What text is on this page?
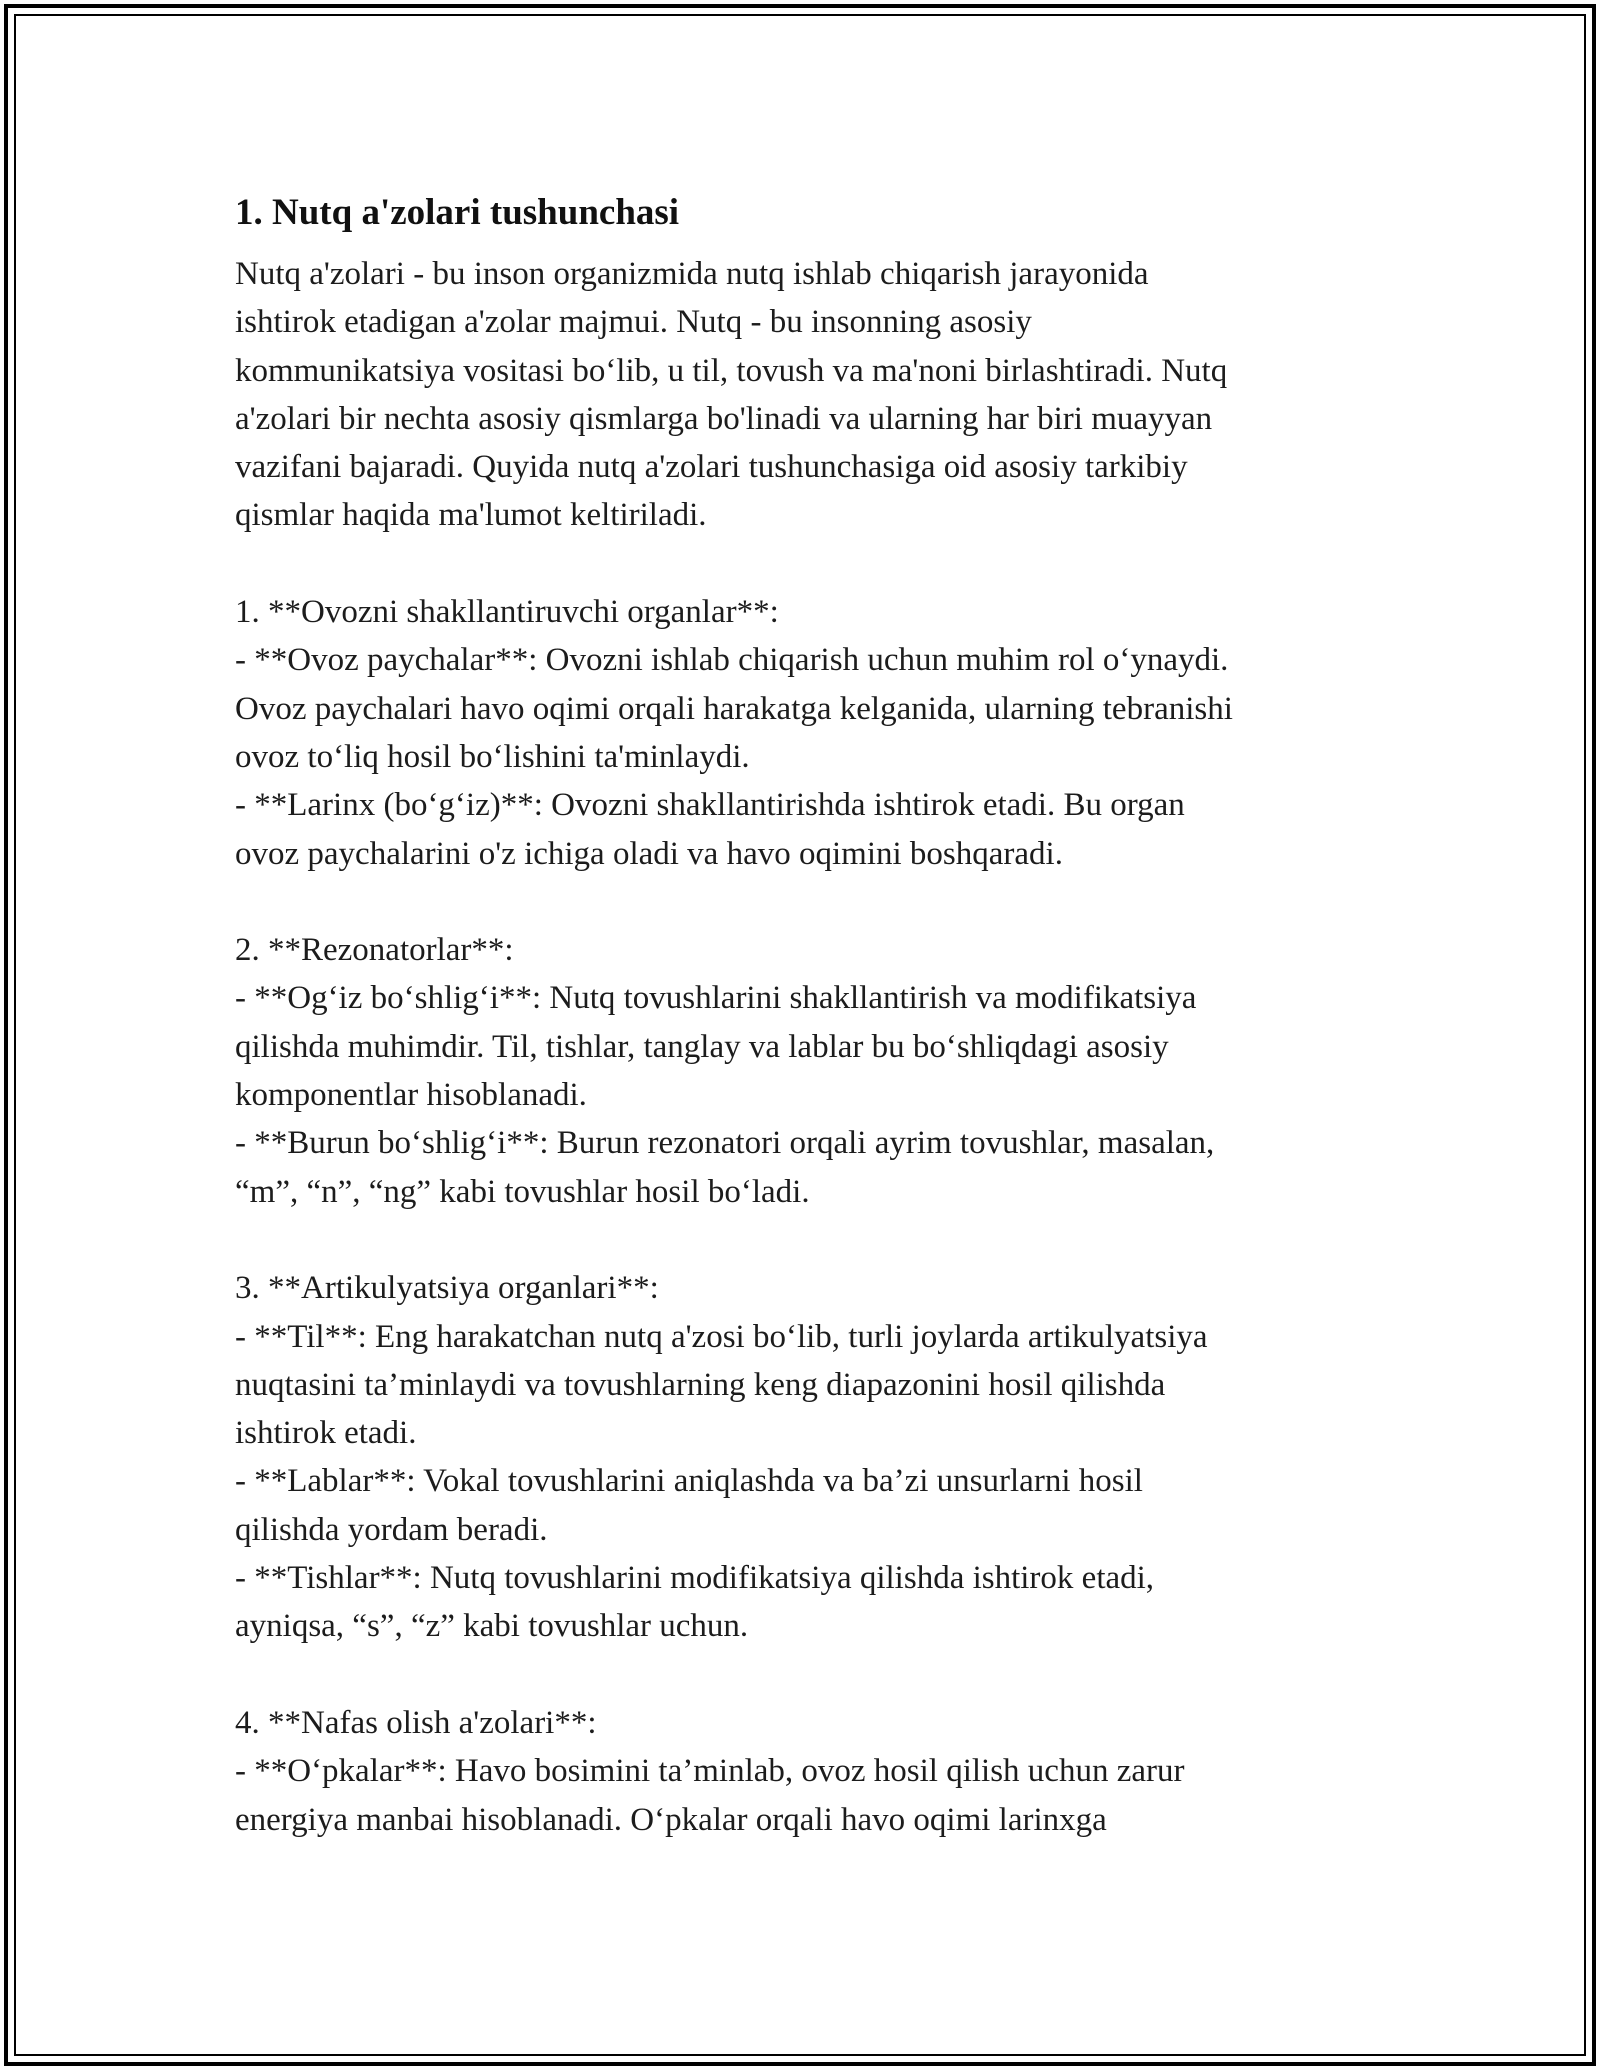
1. Nutq a'zolari tushunchasi

Nutq a'zolari - bu inson organizmida nutq ishlab chiqarish jarayonida
ishtirok etadigan a'zolar majmui. Nutq - bu insonning asosiy
kommunikatsiya vositasi bo‘lib, u til, tovush va ma'noni birlashtiradi. Nutq
a'zolari bir nechta asosiy qismlarga bo'linadi va ularning har biri muayyan
vazifani bajaradi. Quyida nutq a'zolari tushunchasiga oid asosiy tarkibiy
qismlar haqida ma'lumot keltiriladi.

1. **Ovozni shakllantiruvchi organlar**:
- **Ovoz paychalar**: Ovozni ishlab chiqarish uchun muhim rol o‘ynaydi.
Ovoz paychalari havo oqimi orqali harakatga kelganida, ularning tebranishi
ovoz to‘liq hosil bo‘lishini ta'minlaydi.
- **Larinx (bo‘g‘iz)**: Ovozni shakllantirishda ishtirok etadi. Bu organ
ovoz paychalarini o'z ichiga oladi va havo oqimini boshqaradi.

2. **Rezonatorlar**:
- **Og‘iz bo‘shlig‘i**: Nutq tovushlarini shakllantirish va modifikatsiya
qilishda muhimdir. Til, tishlar, tanglay va lablar bu bo‘shliqdagi asosiy
komponentlar hisoblanadi.
- **Burun bo‘shlig‘i**: Burun rezonatori orqali ayrim tovushlar, masalan,
“m”, “n”, “ng” kabi tovushlar hosil bo‘ladi.

3. **Artikulyatsiya organlari**:
- **Til**: Eng harakatchan nutq a'zosi bo‘lib, turli joylarda artikulyatsiya
nuqtasini ta’minlaydi va tovushlarning keng diapazonini hosil qilishda
ishtirok etadi.
- **Lablar**: Vokal tovushlarini aniqlashda va ba’zi unsurlarni hosil
qilishda yordam beradi.
- **Tishlar**: Nutq tovushlarini modifikatsiya qilishda ishtirok etadi,
ayniqsa, “s”, “z” kabi tovushlar uchun.

4. **Nafas olish a'zolari**:
- **O‘pkalar**: Havo bosimini ta’minlab, ovoz hosil qilish uchun zarur
energiya manbai hisoblanadi. O‘pkalar orqali havo oqimi larinxga
